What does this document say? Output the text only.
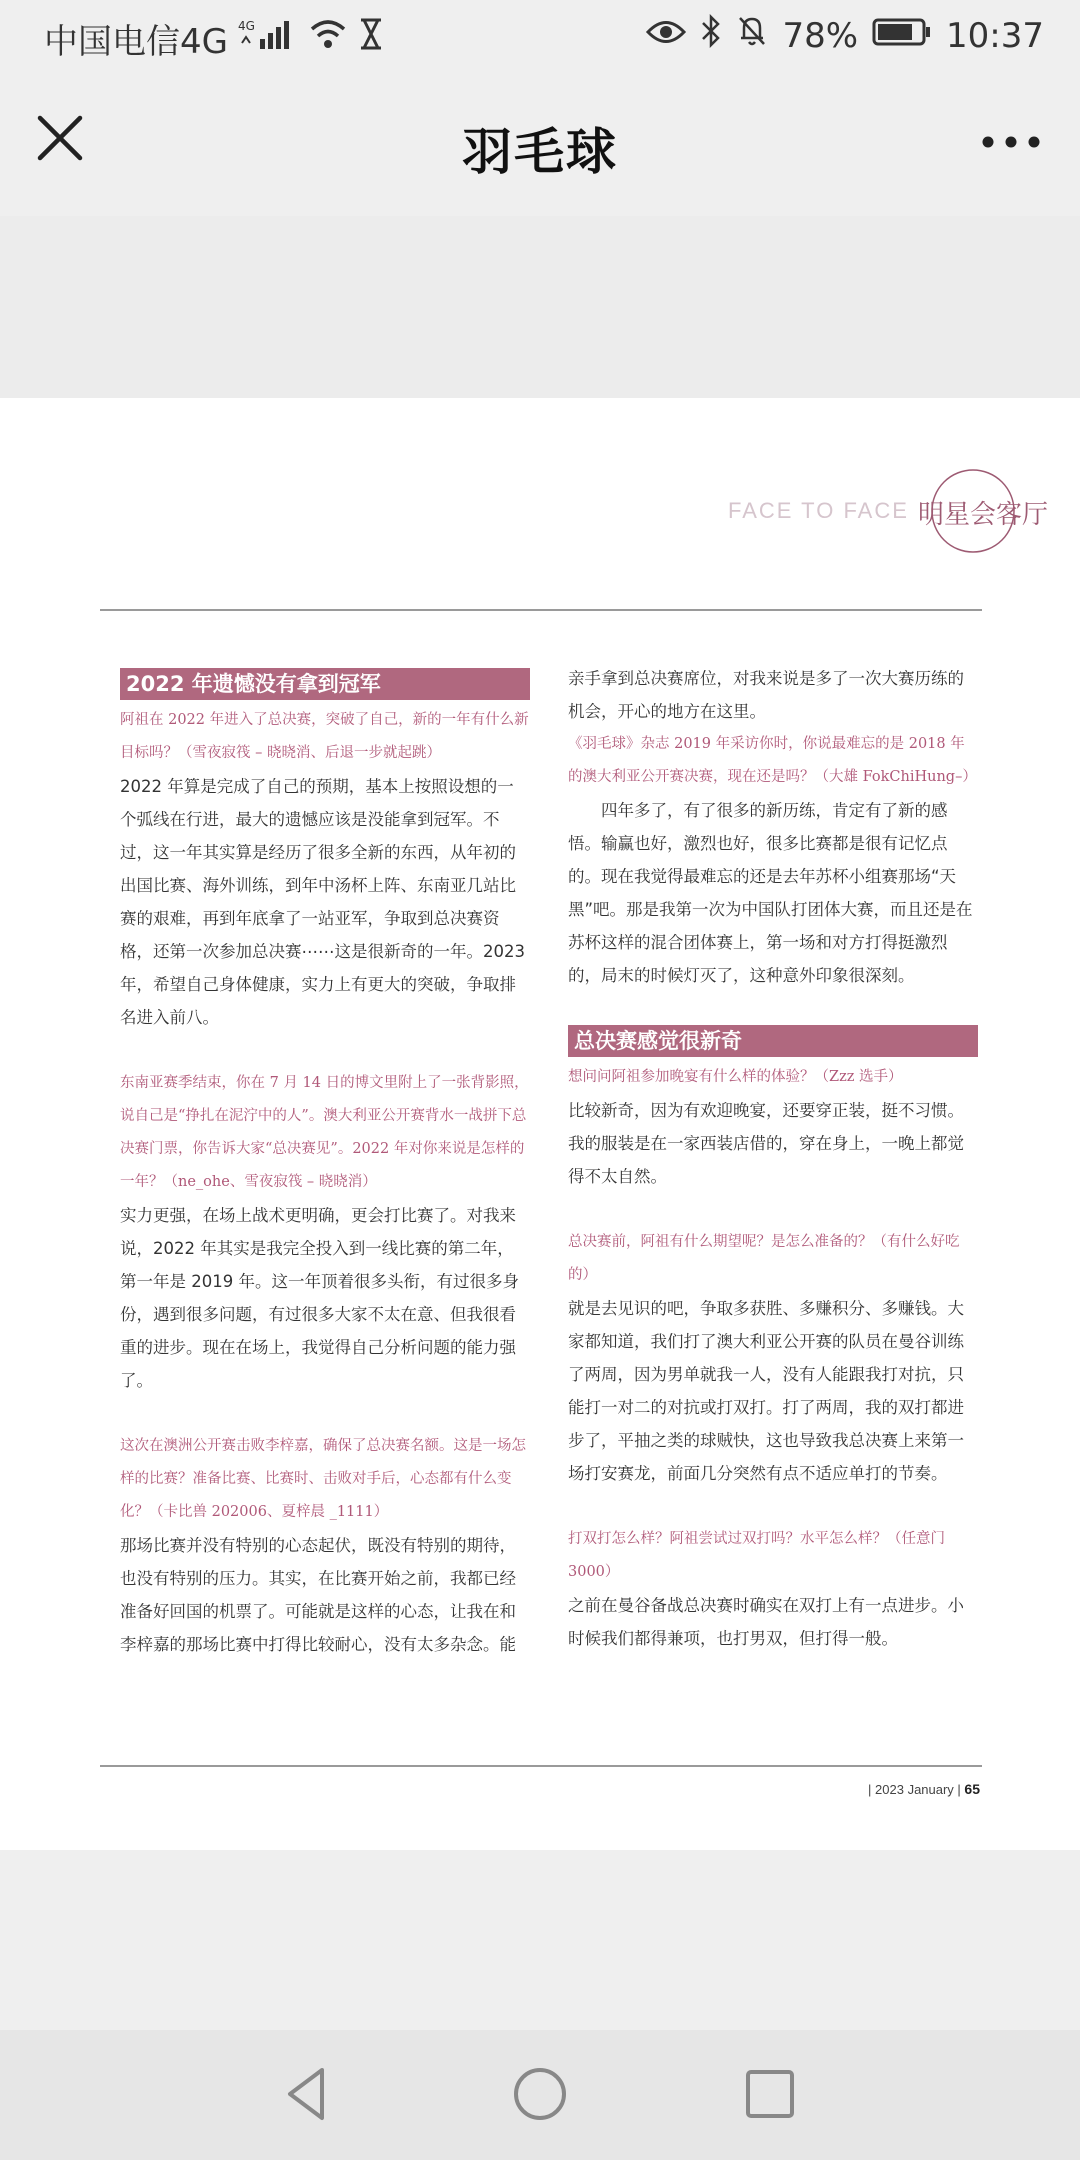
中国电信4G 4G	78%	10:37
羽毛球
FACE TO FACE 明星会客厅
2022 年遗憾没有拿到冠军

阿祖在 2022 年进入了总决赛，突破了自己，新的一年有什么新目标吗？（雪夜寂筏 – 晓晓消、后退一步就起跳）

2022 年算是完成了自己的预期，基本上按照设想的一个弧线在行进，最大的遗憾应该是没能拿到冠军。不过，这一年其实算是经历了很多全新的东西，从年初的出国比赛、海外训练，到年中汤杯上阵、东南亚几站比赛的艰难，再到年底拿了一站亚军，争取到总决赛资格，还第一次参加总决赛⋯⋯这是很新奇的一年。2023 年，希望自己身体健康，实力上有更大的突破，争取排名进入前八。

东南亚赛季结束，你在 7 月 14 日的博文里附上了一张背影照，说自己是“挣扎在泥泞中的人”。澳大利亚公开赛背水一战拼下总决赛门票，你告诉大家“总决赛见”。2022 年对你来说是怎样的一年？（ne_ohe、雪夜寂筏 – 晓晓消）

实力更强，在场上战术更明确，更会打比赛了。对我来说，2022 年其实是我完全投入到一线比赛的第二年，第一年是 2019 年。这一年顶着很多头衔，有过很多身份，遇到很多问题，有过很多大家不太在意、但我很看重的进步。现在在场上，我觉得自己分析问题的能力强了。

这次在澳洲公开赛击败李梓嘉，确保了总决赛名额。这是一场怎样的比赛？准备比赛、比赛时、击败对手后，心态都有什么变化？（卡比兽 202006、夏梓晨 _1111）

那场比赛并没有特别的心态起伏，既没有特别的期待，也没有特别的压力。其实，在比赛开始之前，我都已经准备好回国的机票了。可能就是这样的心态，让我在和李梓嘉的那场比赛中打得比较耐心，没有太多杂念。能

亲手拿到总决赛席位，对我来说是多了一次大赛历练的机会，开心的地方在这里。

《羽毛球》杂志 2019 年采访你时，你说最难忘的是 2018 年的澳大利亚公开赛决赛，现在还是吗？（大雄 FokChiHung–）

四年多了，有了很多的新历练，肯定有了新的感悟。输赢也好，激烈也好，很多比赛都是很有记忆点的。现在我觉得最难忘的还是去年苏杯小组赛那场“天黑”吧。那是我第一次为中国队打团体大赛，而且还是在苏杯这样的混合团体赛上，第一场和对方打得挺激烈的，局末的时候灯灭了，这种意外印象很深刻。

总决赛感觉很新奇

想问问阿祖参加晚宴有什么样的体验？（Zzz 选手）

比较新奇，因为有欢迎晚宴，还要穿正装，挺不习惯。我的服装是在一家西装店借的，穿在身上，一晚上都觉得不太自然。

总决赛前，阿祖有什么期望呢？是怎么准备的？（有什么好吃的）

就是去见识的吧，争取多获胜、多赚积分、多赚钱。大家都知道，我们打了澳大利亚公开赛的队员在曼谷训练了两周，因为男单就我一人，没有人能跟我打对抗，只能打一对二的对抗或打双打。打了两周，我的双打都进步了，平抽之类的球贼快，这也导致我总决赛上来第一场打安赛龙，前面几分突然有点不适应单打的节奏。

打双打怎么样？阿祖尝试过双打吗？水平怎么样？（任意门 3000）

之前在曼谷备战总决赛时确实在双打上有一点进步。小时候我们都得兼项，也打男双，但打得一般。

| 2023 January | 65
